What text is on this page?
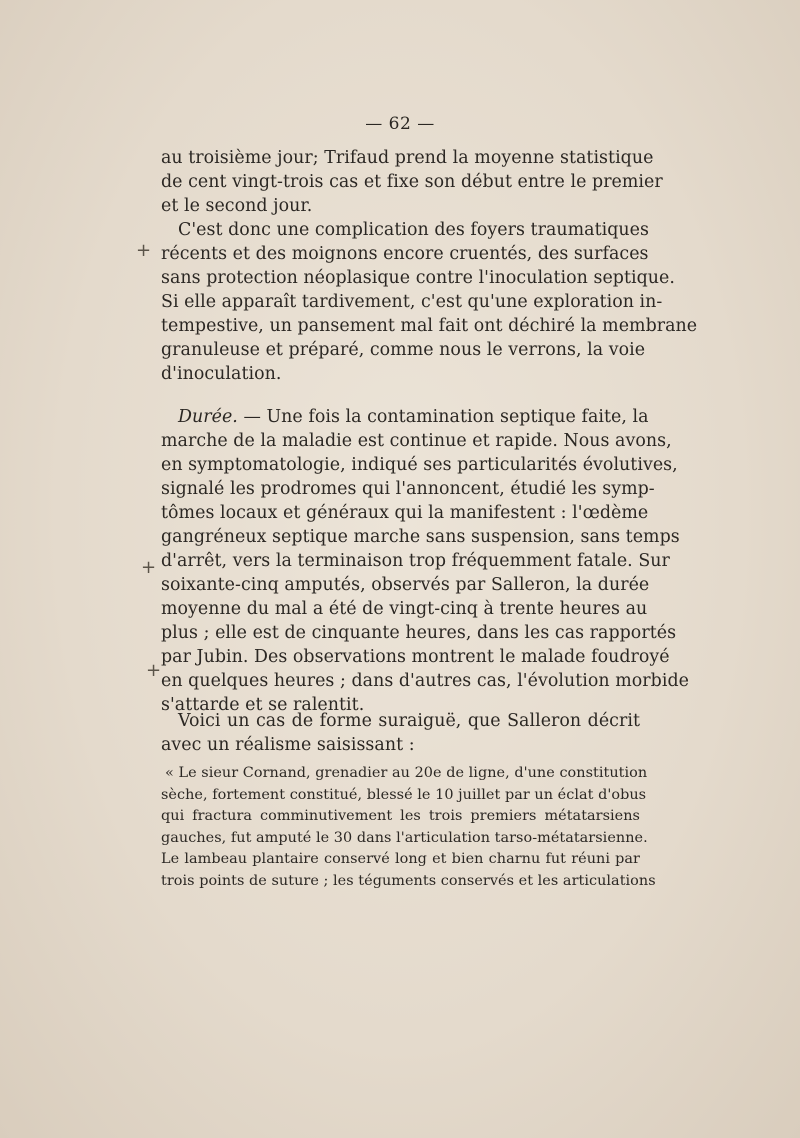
— 62 —
au troisième jour; Trifaud prend la moyenne statistique
de cent vingt-trois cas et fixe son début entre le premier
et le second jour.
C'est donc une complication des foyers traumatiques
récents et des moignons encore cruentés, des surfaces
sans protection néoplasique contre l'inoculation septique.
Si elle apparaît tardivement, c'est qu'une exploration in-
tempestive, un pansement mal fait ont déchiré la membrane
granuleuse et préparé, comme nous le verrons, la voie
d'inoculation.
Durée. — Une fois la contamination septique faite, la
marche de la maladie est continue et rapide. Nous avons,
en symptomatologie, indiqué ses particularités évolutives,
signalé les prodromes qui l'annoncent, étudié les symp-
tômes locaux et généraux qui la manifestent : l'œdème
gangréneux septique marche sans suspension, sans temps
d'arrêt, vers la terminaison trop fréquemment fatale. Sur
soixante-cinq amputés, observés par Salleron, la durée
moyenne du mal a été de vingt-cinq à trente heures au
plus ; elle est de cinquante heures, dans les cas rapportés
par Jubin. Des observations montrent le malade foudroyé
en quelques heures ; dans d'autres cas, l'évolution morbide
s'attarde et se ralentit.
Voici un cas de forme suraiguë, que Salleron décrit
avec un réalisme saisissant :
« Le sieur Cornand, grenadier au 20e de ligne, d'une constitution
sèche, fortement constitué, blessé le 10 juillet par un éclat d'obus
qui fractura comminutivement les trois premiers métatarsiens
gauches, fut amputé le 30 dans l'articulation tarso-métatarsienne.
Le lambeau plantaire conservé long et bien charnu fut réuni par
trois points de suture ; les téguments conservés et les articulations
+
+
+
